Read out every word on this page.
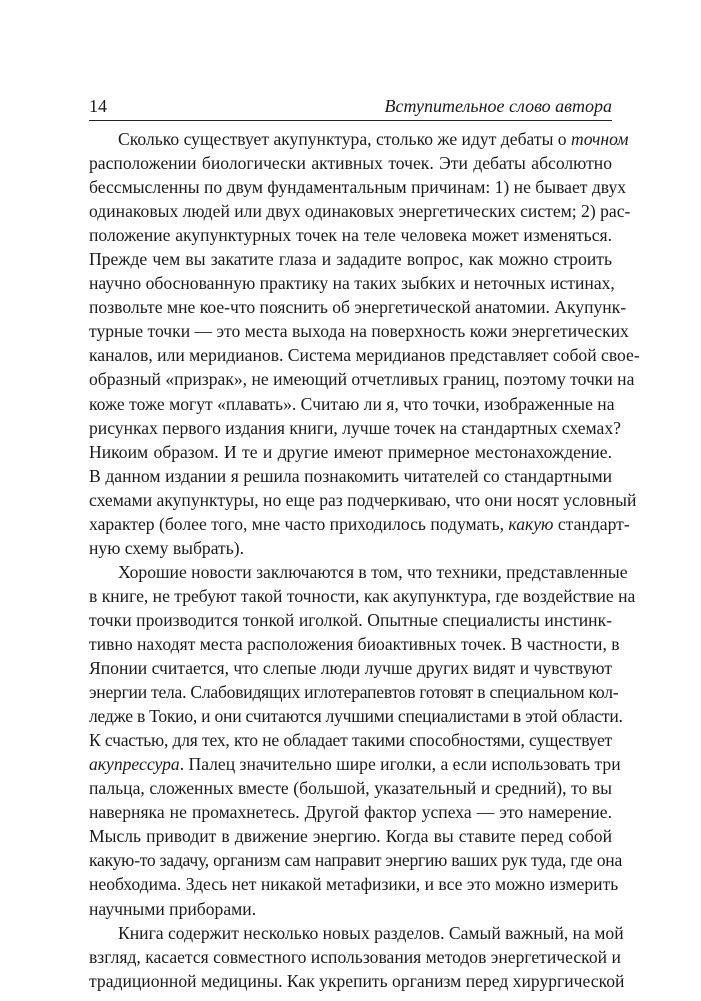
14	Вступительное слово автора
Сколько существует акупунктура, столько же идут дебаты о точном
расположении биологически активных точек. Эти дебаты абсолютно
бессмысленны по двум фундаментальным причинам: 1) не бывает двух
одинаковых людей или двух одинаковых энергетических систем; 2) рас-
положение акупунктурных точек на теле человека может изменяться.
Прежде чем вы закатите глаза и зададите вопрос, как можно строить
научно обоснованную практику на таких зыбких и неточных истинах,
позвольте мне кое-что пояснить об энергетической анатомии. Акупунк-
турные точки — это места выхода на поверхность кожи энергетических
каналов, или меридианов. Система меридианов представляет собой свое-
образный «призрак», не имеющий отчетливых границ, поэтому точки на
коже тоже могут «плавать». Считаю ли я, что точки, изображенные на
рисунках первого издания книги, лучше точек на стандартных схемах?
Никоим образом. И те и другие имеют примерное местонахождение.
В данном издании я решила познакомить читателей со стандартными
схемами акупунктуры, но еще раз подчеркиваю, что они носят условный
характер (более того, мне часто приходилось подумать, какую стандарт-
ную схему выбрать).
Хорошие новости заключаются в том, что техники, представленные
в книге, не требуют такой точности, как акупунктура, где воздействие на
точки производится тонкой иголкой. Опытные специалисты инстинк-
тивно находят места расположения биоактивных точек. В частности, в
Японии считается, что слепые люди лучше других видят и чувствуют
энергии тела. Слабовидящих иглотерапевтов готовят в специальном кол-
ледже в Токио, и они считаются лучшими специалистами в этой области.
К счастью, для тех, кто не обладает такими способностями, существует
акупрессура. Палец значительно шире иголки, а если использовать три
пальца, сложенных вместе (большой, указательный и средний), то вы
наверняка не промахнетесь. Другой фактор успеха — это намерение.
Мысль приводит в движение энергию. Когда вы ставите перед собой
какую-то задачу, организм сам направит энергию ваших рук туда, где она
необходима. Здесь нет никакой метафизики, и все это можно измерить
научными приборами.
Книга содержит несколько новых разделов. Самый важный, на мой
взгляд, касается совместного использования методов энергетической и
традиционной медицины. Как укрепить организм перед хирургической
